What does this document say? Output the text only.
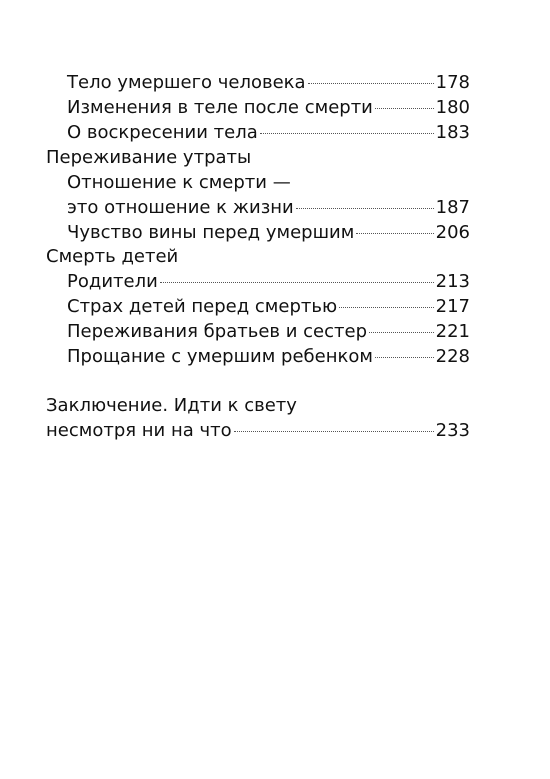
Тело умершего человека	178
Изменения в теле после смерти	180
О воскресении тела	183
Переживание утраты
Отношение к смерти —
это отношение к жизни	187
Чувство вины перед умершим	206
Смерть детей
Родители	213
Страх детей перед смертью	217
Переживания братьев и сестер	221
Прощание с умершим ребенком	228
Заключение. Идти к свету
несмотря ни на что	233
